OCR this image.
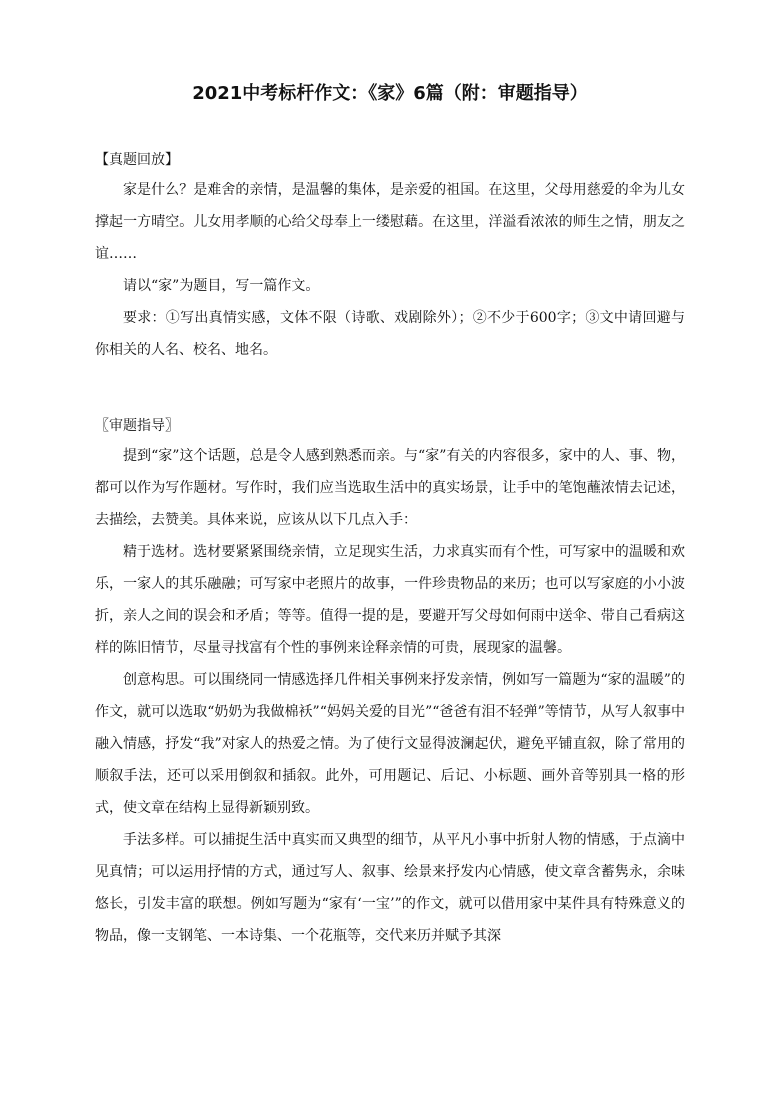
2021中考标杆作文：《家》6篇（附：审题指导）
【真题回放】

家是什么？是难舍的亲情，是温馨的集体，是亲爱的祖国。在这里，父母用慈爱的伞为儿女撑起一方晴空。儿女用孝顺的心给父母奉上一缕慰藉。在这里，洋溢看浓浓的师生之情，朋友之谊……

请以“家”为题目，写一篇作文。

要求：①写出真情实感，文体不限（诗歌、戏剧除外）；②不少于600字；③文中请回避与你相关的人名、校名、地名。

〖审题指导〗

提到“家”这个话题，总是令人感到熟悉而亲。与“家”有关的内容很多，家中的人、事、物，都可以作为写作题材。写作时，我们应当选取生活中的真实场景，让手中的笔饱蘸浓情去记述，去描绘，去赞美。具体来说，应该从以下几点入手：

精于选材。选材要紧紧围绕亲情，立足现实生活，力求真实而有个性，可写家中的温暖和欢乐，一家人的其乐融融；可写家中老照片的故事，一件珍贵物品的来历；也可以写家庭的小小波折，亲人之间的误会和矛盾；等等。值得一提的是，要避开写父母如何雨中送伞、带自己看病这样的陈旧情节，尽量寻找富有个性的事例来诠释亲情的可贵，展现家的温馨。

创意构思。可以围绕同一情感选择几件相关事例来抒发亲情，例如写一篇题为“家的温暖”的作文，就可以选取“奶奶为我做棉袄”“妈妈关爱的目光”“爸爸有泪不轻弹”等情节，从写人叙事中融入情感，抒发“我”对家人的热爱之情。为了使行文显得波澜起伏，避免平铺直叙，除了常用的顺叙手法，还可以采用倒叙和插叙。此外，可用题记、后记、小标题、画外音等别具一格的形式，使文章在结构上显得新颖别致。

手法多样。可以捕捉生活中真实而又典型的细节，从平凡小事中折射人物的情感，于点滴中见真情；可以运用抒情的方式，通过写人、叙事、绘景来抒发内心情感，使文章含蓄隽永，余味悠长，引发丰富的联想。例如写题为“家有‘一宝’”的作文，就可以借用家中某件具有特殊意义的物品，像一支钢笔、一本诗集、一个花瓶等，交代来历并赋予其深
